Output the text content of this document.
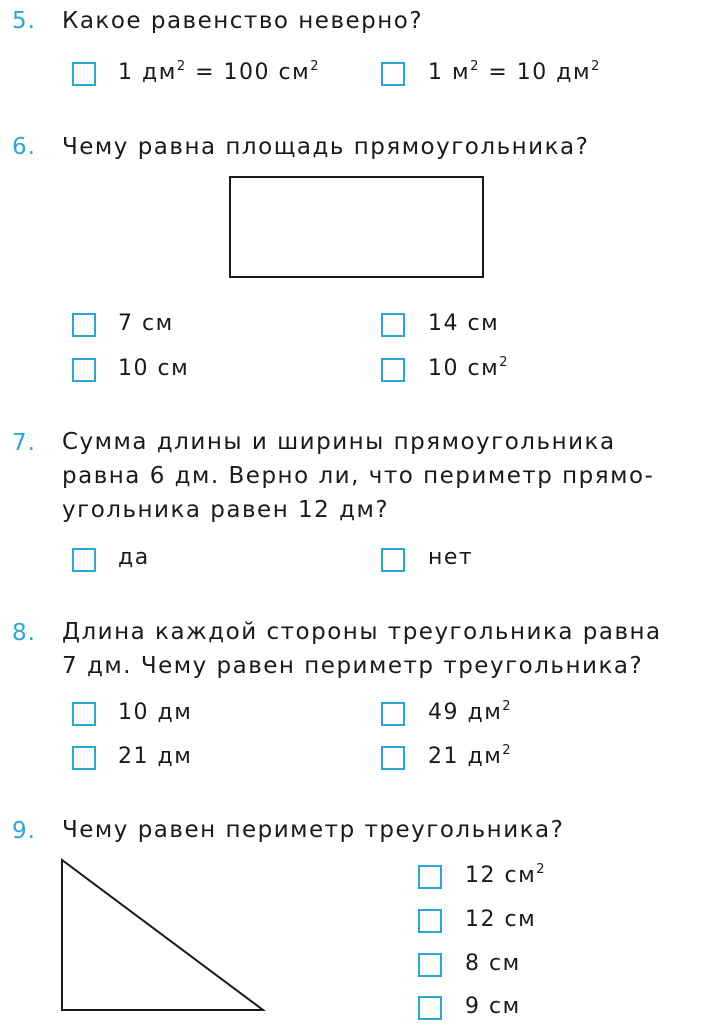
5. Какое равенство неверно?
1 $дм^2 = 100$ $см^2$	1 $м^2 = 10$ $дм^2$
6. Чему равна площадь прямоугольника?
7 см	14 см
10 см	10 $см^2$
7. Сумма длины и ширины прямоугольника
равна 6 дм. Верно ли, что периметр прямо-
угольника равен 12 дм?
да	нет
8. Длина каждой стороны треугольника равна
7 дм. Чему равен периметр треугольника?
10 дм	49 $дм^2$
21 дм	21 $дм^2$
9. Чему равен периметр треугольника?
12 $см^2$
12 см
8 см
9 см
